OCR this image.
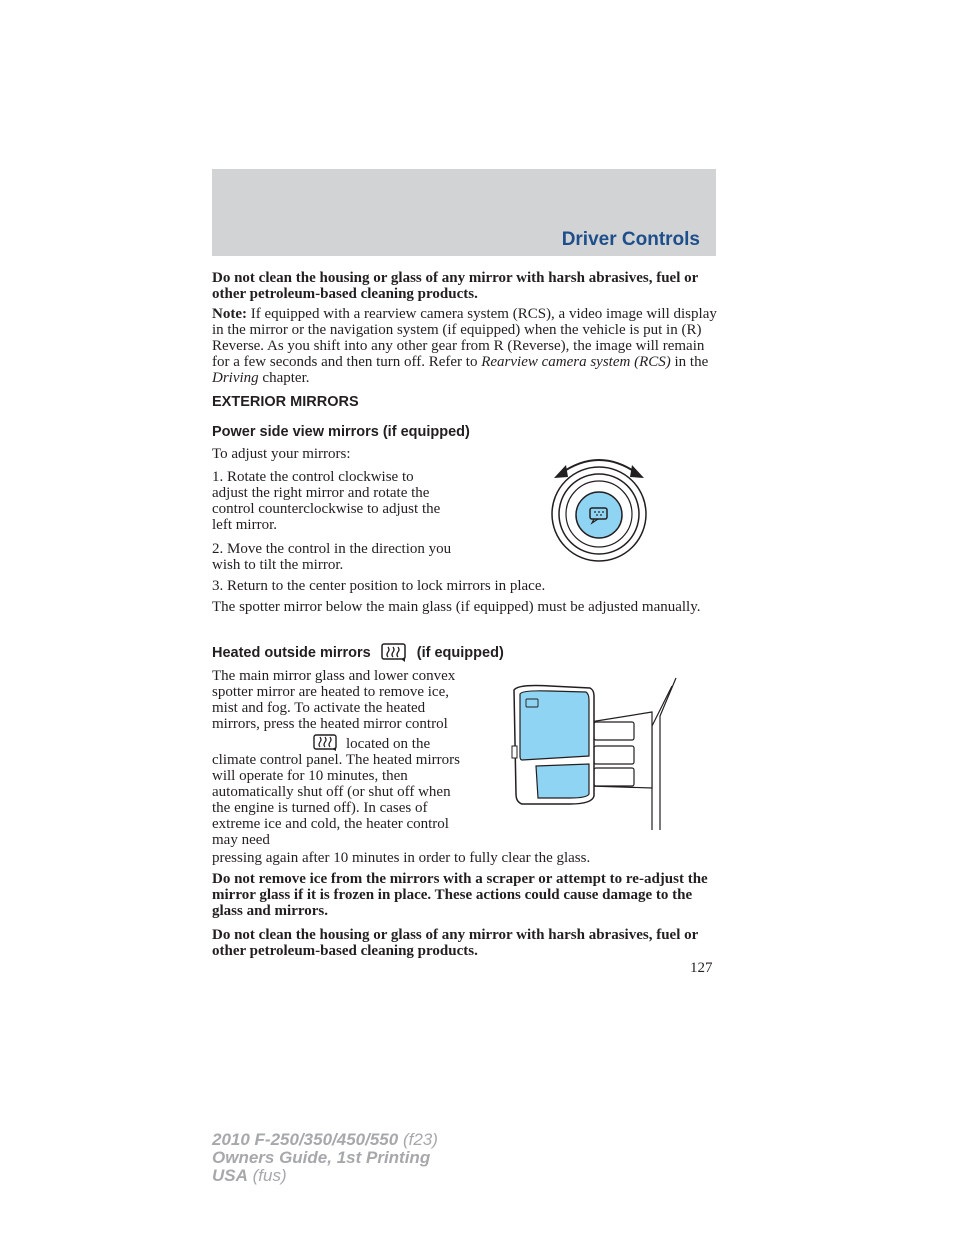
Driver Controls

Do not clean the housing or glass of any mirror with harsh abrasives, fuel or other petroleum-based cleaning products.

Note: If equipped with a rearview camera system (RCS), a video image will display in the mirror or the navigation system (if equipped) when the vehicle is put in (R) Reverse. As you shift into any other gear from R (Reverse), the image will remain for a few seconds and then turn off. Refer to Rearview camera system (RCS) in the Driving chapter.

EXTERIOR MIRRORS
Power side view mirrors (if equipped)

To adjust your mirrors:

1. Rotate the control clockwise to adjust the right mirror and rotate the control counterclockwise to adjust the left mirror.

2. Move the control in the direction you wish to tilt the mirror.

3. Return to the center position to lock mirrors in place.

The spotter mirror below the main glass (if equipped) must be adjusted manually.

Heated outside mirrors	(if equipped)

The main mirror glass and lower convex spotter mirror are heated to remove ice, mist and fog. To activate the heated mirrors, press the heated mirror control

located on the climate control panel. The heated mirrors will operate for 10 minutes, then automatically shut off (or shut off when the engine is turned off). In cases of extreme ice and cold, the heater control may need

pressing again after 10 minutes in order to fully clear the glass.

Do not remove ice from the mirrors with a scraper or attempt to re-adjust the mirror glass if it is frozen in place. These actions could cause damage to the glass and mirrors.

Do not clean the housing or glass of any mirror with harsh abrasives, fuel or other petroleum-based cleaning products.

127
2010 F-250/350/450/550 (f23)
Owners Guide, 1st Printing
USA (fus)
